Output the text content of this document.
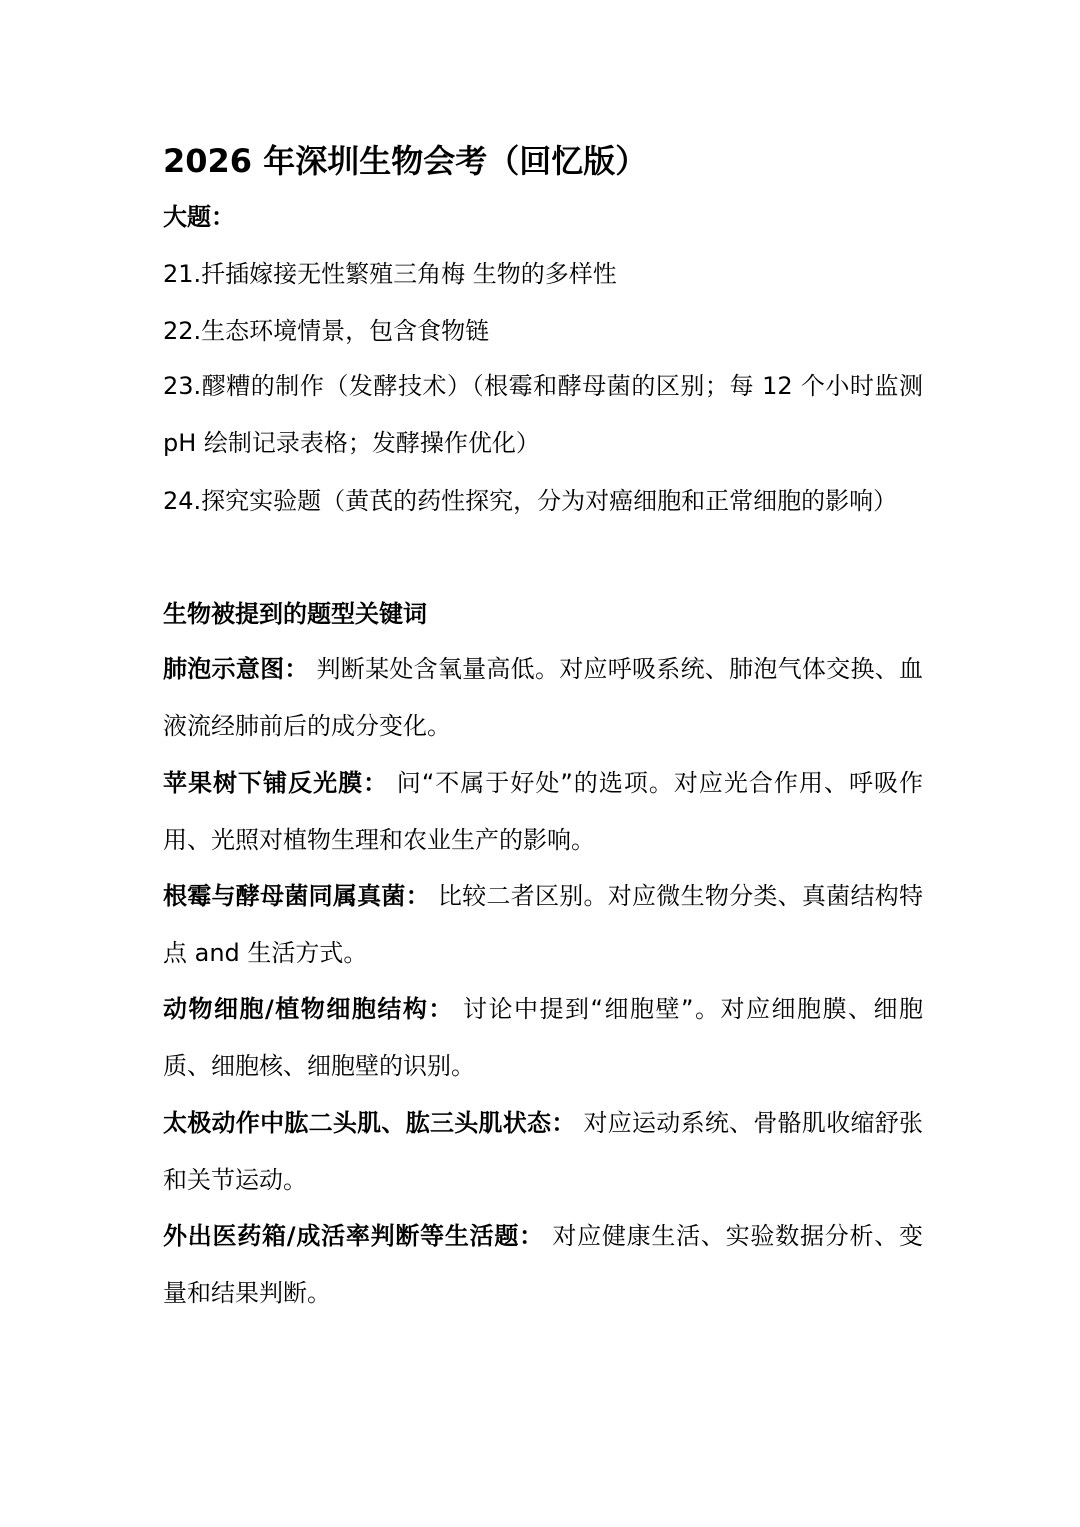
2026 年深圳生物会考（回忆版）
大题：
21.扦插嫁接无性繁殖三角梅 生物的多样性
22.生态环境情景，包含食物链
23.醪糟的制作（发酵技术）（根霉和酵母菌的区别；每 12 个小时监测 pH 绘制记录表格；发酵操作优化）
24.探究实验题（黄芪的药性探究，分为对癌细胞和正常细胞的影响）
生物被提到的题型关键词
肺泡示意图： 判断某处含氧量高低。对应呼吸系统、肺泡气体交换、血液流经肺前后的成分变化。
苹果树下铺反光膜： 问“不属于好处”的选项。对应光合作用、呼吸作用、光照对植物生理和农业生产的影响。
根霉与酵母菌同属真菌： 比较二者区别。对应微生物分类、真菌结构特点 and 生活方式。
动物细胞/植物细胞结构： 讨论中提到“细胞壁”。对应细胞膜、细胞质、细胞核、细胞壁的识别。
太极动作中肱二头肌、肱三头肌状态： 对应运动系统、骨骼肌收缩舒张和关节运动。
外出医药箱/成活率判断等生活题： 对应健康生活、实验数据分析、变量和结果判断。
